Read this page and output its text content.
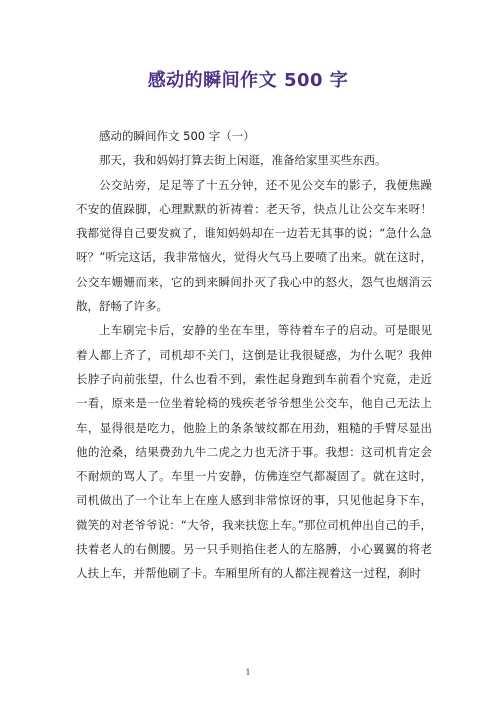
感动的瞬间作文 500 字

感动的瞬间作文 500 字（一）

那天，我和妈妈打算去街上闲逛，准备给家里买些东西。

公交站旁，足足等了十五分钟，还不见公交车的影子，我便焦躁不安的值跺脚，心理默默的祈祷着：老天爷，快点儿让公交车来呀！我都觉得自己要发疯了，谁知妈妈却在一边若无其事的说；“急什么急呀？”听完这话，我非常恼火，觉得火气马上要喷了出来。就在这时，公交车姗姗而来，它的到来瞬间扑灭了我心中的怒火，怨气也烟消云散，舒畅了许多。

上车刷完卡后，安静的坐在车里，等待着车子的启动。可是眼见着人都上齐了，司机却不关门，这倒是让我很疑惑，为什么呢？我伸长脖子向前张望，什么也看不到，索性起身跑到车前看个究竟，走近一看，原来是一位坐着轮椅的残疾老爷爷想坐公交车，他自己无法上车，显得很是吃力，他脸上的条条皱纹都在用劲，粗糙的手臂尽显出他的沧桑，结果费劲九牛二虎之力也无济于事。我想：这司机肯定会不耐烦的骂人了。车里一片安静，仿佛连空气都凝固了。就在这时，司机做出了一个让车上在座人感到非常惊讶的事，只见他起身下车，微笑的对老爷爷说：“大爷，我来扶您上车。”那位司机伸出自己的手，扶着老人的右侧腰。另一只手则掐住老人的左胳膊，小心翼翼的将老人扶上车，并帮他刷了卡。车厢里所有的人都注视着这一过程，刹时

1
